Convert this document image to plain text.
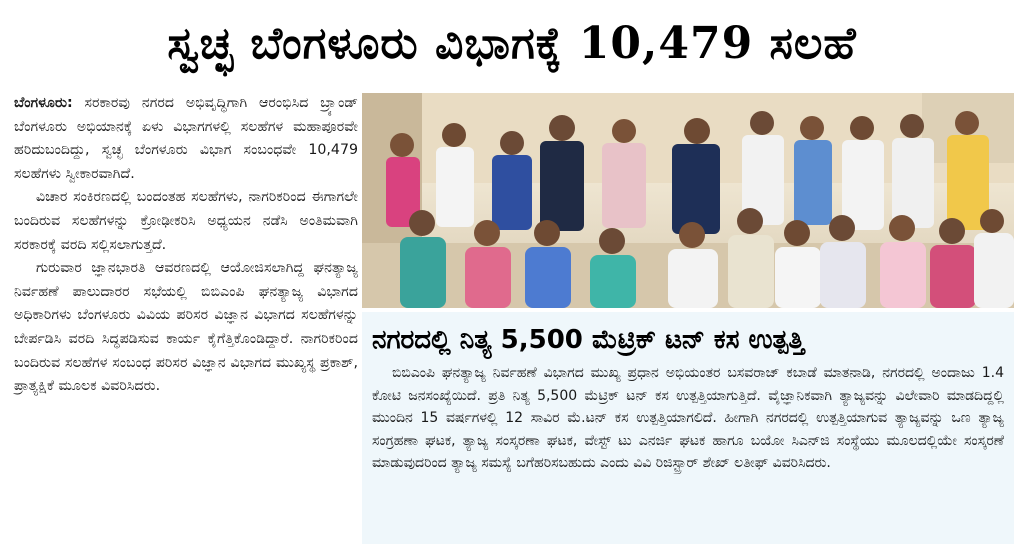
ಸ್ವಚ್ಛ ಬೆಂಗಳೂರು ವಿಭಾಗಕ್ಕೆ 10,479 ಸಲಹೆ

ಬೆಂಗಳೂರು: ಸರಕಾರವು ನಗರದ ಅಭಿವೃದ್ಧಿಗಾಗಿ ಆರಂಭಿಸಿದ ಬ್ರ್ಯಾಂಡ್ ಬೆಂಗಳೂರು ಅಭಿಯಾನಕ್ಕೆ ಏಳು ವಿಭಾಗಗಳಲ್ಲಿ ಸಲಹೆಗಳ ಮಹಾಪೂರವೇ ಹರಿದುಬಂದಿದ್ದು, ಸ್ವಚ್ಛ ಬೆಂಗಳೂರು ವಿಭಾಗ ಸಂಬಂಧವೇ 10,479 ಸಲಹೆಗಳು ಸ್ವೀಕಾರವಾಗಿದೆ.

ವಿಚಾರ ಸಂಕಿರಣದಲ್ಲಿ ಬಂದಂತಹ ಸಲಹೆಗಳು, ನಾಗರಿಕರಿಂದ ಈಗಾಗಲೇ ಬಂದಿರುವ ಸಲಹೆಗಳನ್ನು ಕ್ರೋಢೀಕರಿಸಿ ಅಧ್ಯಯನ ನಡೆಸಿ ಅಂತಿಮವಾಗಿ ಸರಕಾರಕ್ಕೆ ವರದಿ ಸಲ್ಲಿಸಲಾಗುತ್ತದೆ.

ಗುರುವಾರ ಜ್ಞಾನಭಾರತಿ ಆವರಣದಲ್ಲಿ ಆಯೋಜಿಸಲಾಗಿದ್ದ ಘನತ್ಯಾಜ್ಯ ನಿರ್ವಹಣೆ ಪಾಲುದಾರರ ಸಭೆಯಲ್ಲಿ ಬಿಬಿಎಂಪಿ ಘನತ್ಯಾಜ್ಯ ವಿಭಾಗದ ಅಧಿಕಾರಿಗಳು ಬೆಂಗಳೂರು ವಿವಿಯ ಪರಿಸರ ವಿಜ್ಞಾನ ವಿಭಾಗದ ಸಲಹೆಗಳನ್ನು ಬೇರ್ಪಡಿಸಿ ವರದಿ ಸಿದ್ಧಪಡಿಸುವ ಕಾರ್ಯ ಕೈಗೆತ್ತಿಕೊಂಡಿದ್ದಾರೆ. ನಾಗರಿಕರಿಂದ ಬಂದಿರುವ ಸಲಹೆಗಳ ಸಂಬಂಧ ಪರಿಸರ ವಿಜ್ಞಾನ ವಿಭಾಗದ ಮುಖ್ಯಸ್ಥ ಪ್ರಕಾಶ್, ಪ್ರಾತ್ಯಕ್ಷಿಕೆ ಮೂಲಕ ವಿವರಿಸಿದರು.

ನಗರದಲ್ಲಿ ನಿತ್ಯ 5,500 ಮೆಟ್ರಿಕ್ ಟನ್ ಕಸ ಉತ್ಪತ್ತಿ
ಬಿಬಿಎಂಪಿ ಘನತ್ಯಾಜ್ಯ ನಿರ್ವಹಣೆ ವಿಭಾಗದ ಮುಖ್ಯ ಪ್ರಧಾನ ಅಭಿಯಂತರ ಬಸವರಾಜ್ ಕಬಾಡೆ ಮಾತನಾಡಿ, ನಗರದಲ್ಲಿ ಅಂದಾಜು 1.4 ಕೋಟಿ ಜನಸಂಖ್ಯೆಯಿದೆ. ಪ್ರತಿ ನಿತ್ಯ 5,500 ಮೆಟ್ರಿಕ್ ಟನ್ ಕಸ ಉತ್ಪತ್ತಿಯಾಗುತ್ತಿದೆ. ವೈಜ್ಞಾನಿಕವಾಗಿ ತ್ಯಾಜ್ಯವನ್ನು ವಿಲೇವಾರಿ ಮಾಡದಿದ್ದಲ್ಲಿ ಮುಂದಿನ 15 ವರ್ಷಗಳಲ್ಲಿ 12 ಸಾವಿರ ಮೆ.ಟನ್ ಕಸ ಉತ್ಪತ್ತಿಯಾಗಲಿದೆ. ಹೀಗಾಗಿ ನಗರದಲ್ಲಿ ಉತ್ಪತ್ತಿಯಾಗುವ ತ್ಯಾಜ್ಯವನ್ನು ಒಣ ತ್ಯಾಜ್ಯ ಸಂಗ್ರಹಣಾ ಘಟಕ, ತ್ಯಾಜ್ಯ ಸಂಸ್ಕರಣಾ ಘಟಕ, ವೇಸ್ಟ್ ಟು ಎನರ್ಜಿ ಘಟಕ ಹಾಗೂ ಬಯೋ ಸಿಎನ್‌ಜಿ ಸಂಸ್ಥೆಯು ಮೂಲದಲ್ಲಿಯೇ ಸಂಸ್ಕರಣೆ ಮಾಡುವುದರಿಂದ ತ್ಯಾಜ್ಯ ಸಮಸ್ಯೆ ಬಗೆಹರಿಸಬಹುದು ಎಂದು ವಿವಿ ರಿಜಿಸ್ಟ್ರಾರ್ ಶೇಖ್ ಲತೀಫ್ ವಿವರಿಸಿದರು.
